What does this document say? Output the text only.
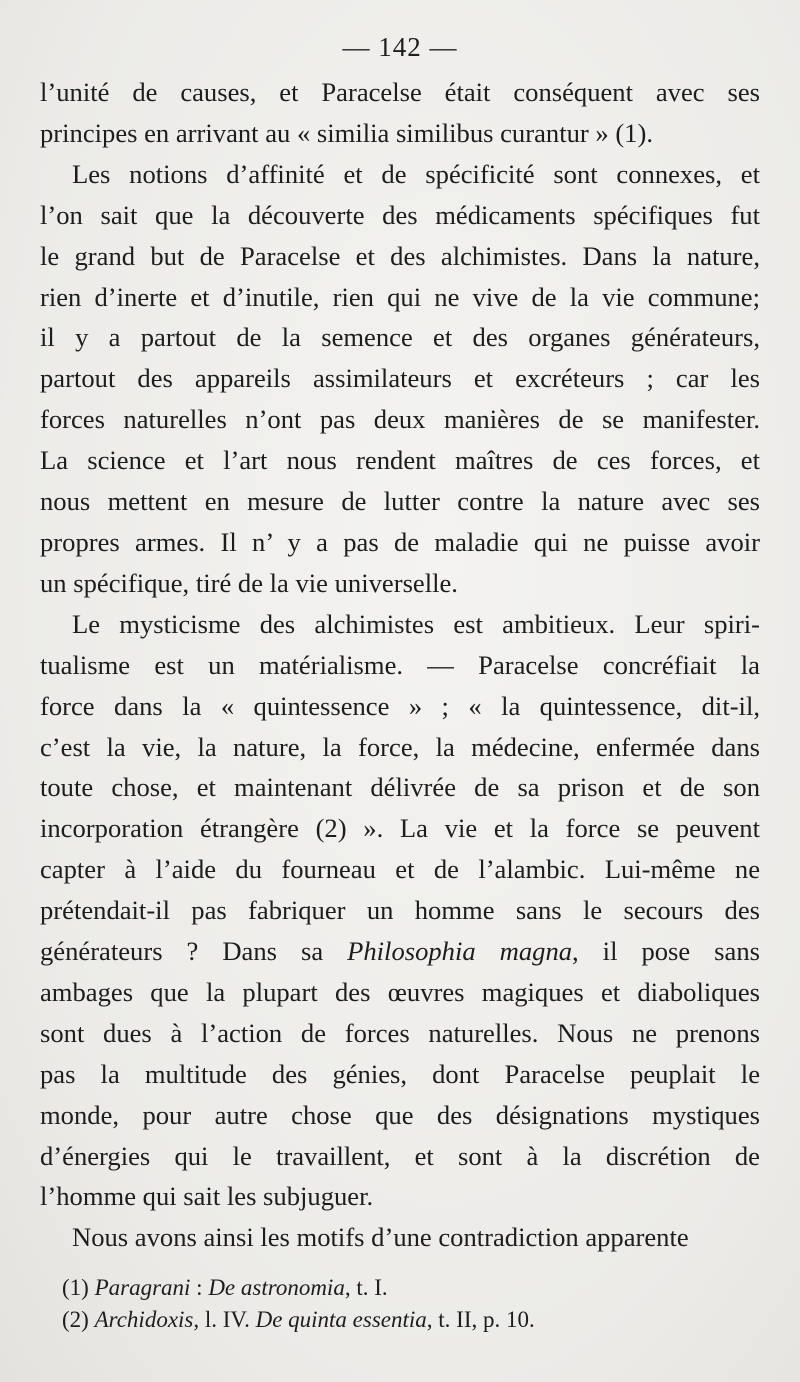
— 142 —

l’unité de causes, et Paracelse était conséquent avec ses
principes en arrivant au « similia similibus curantur » (1).

Les notions d’affinité et de spécificité sont connexes, et
l’on sait que la découverte des médicaments spécifiques fut
le grand but de Paracelse et des alchimistes. Dans la nature,
rien d’inerte et d’inutile, rien qui ne vive de la vie commune;
il y a partout de la semence et des organes générateurs,
partout des appareils assimilateurs et excréteurs ; car les
forces naturelles n’ont pas deux manières de se manifester.
La science et l’art nous rendent maîtres de ces forces, et
nous mettent en mesure de lutter contre la nature avec ses
propres armes. Il n’ y a pas de maladie qui ne puisse avoir
un spécifique, tiré de la vie universelle.

Le mysticisme des alchimistes est ambitieux. Leur spiri-
tualisme est un matérialisme. — Paracelse concréfiait la
force dans la « quintessence » ; « la quintessence, dit-il,
c’est la vie, la nature, la force, la médecine, enfermée dans
toute chose, et maintenant délivrée de sa prison et de son
incorporation étrangère (2) ». La vie et la force se peuvent
capter à l’aide du fourneau et de l’alambic. Lui-même ne
prétendait-il pas fabriquer un homme sans le secours des
générateurs ? Dans sa Philosophia magna, il pose sans
ambages que la plupart des œuvres magiques et diaboliques
sont dues à l’action de forces naturelles. Nous ne prenons
pas la multitude des génies, dont Paracelse peuplait le
monde, pour autre chose que des désignations mystiques
d’énergies qui le travaillent, et sont à la discrétion de
l’homme qui sait les subjuguer.

Nous avons ainsi les motifs d’une contradiction apparente

(1) Paragrani : De astronomia, t. I.
(2) Archidoxis, l. IV. De quinta essentia, t. II, p. 10.
